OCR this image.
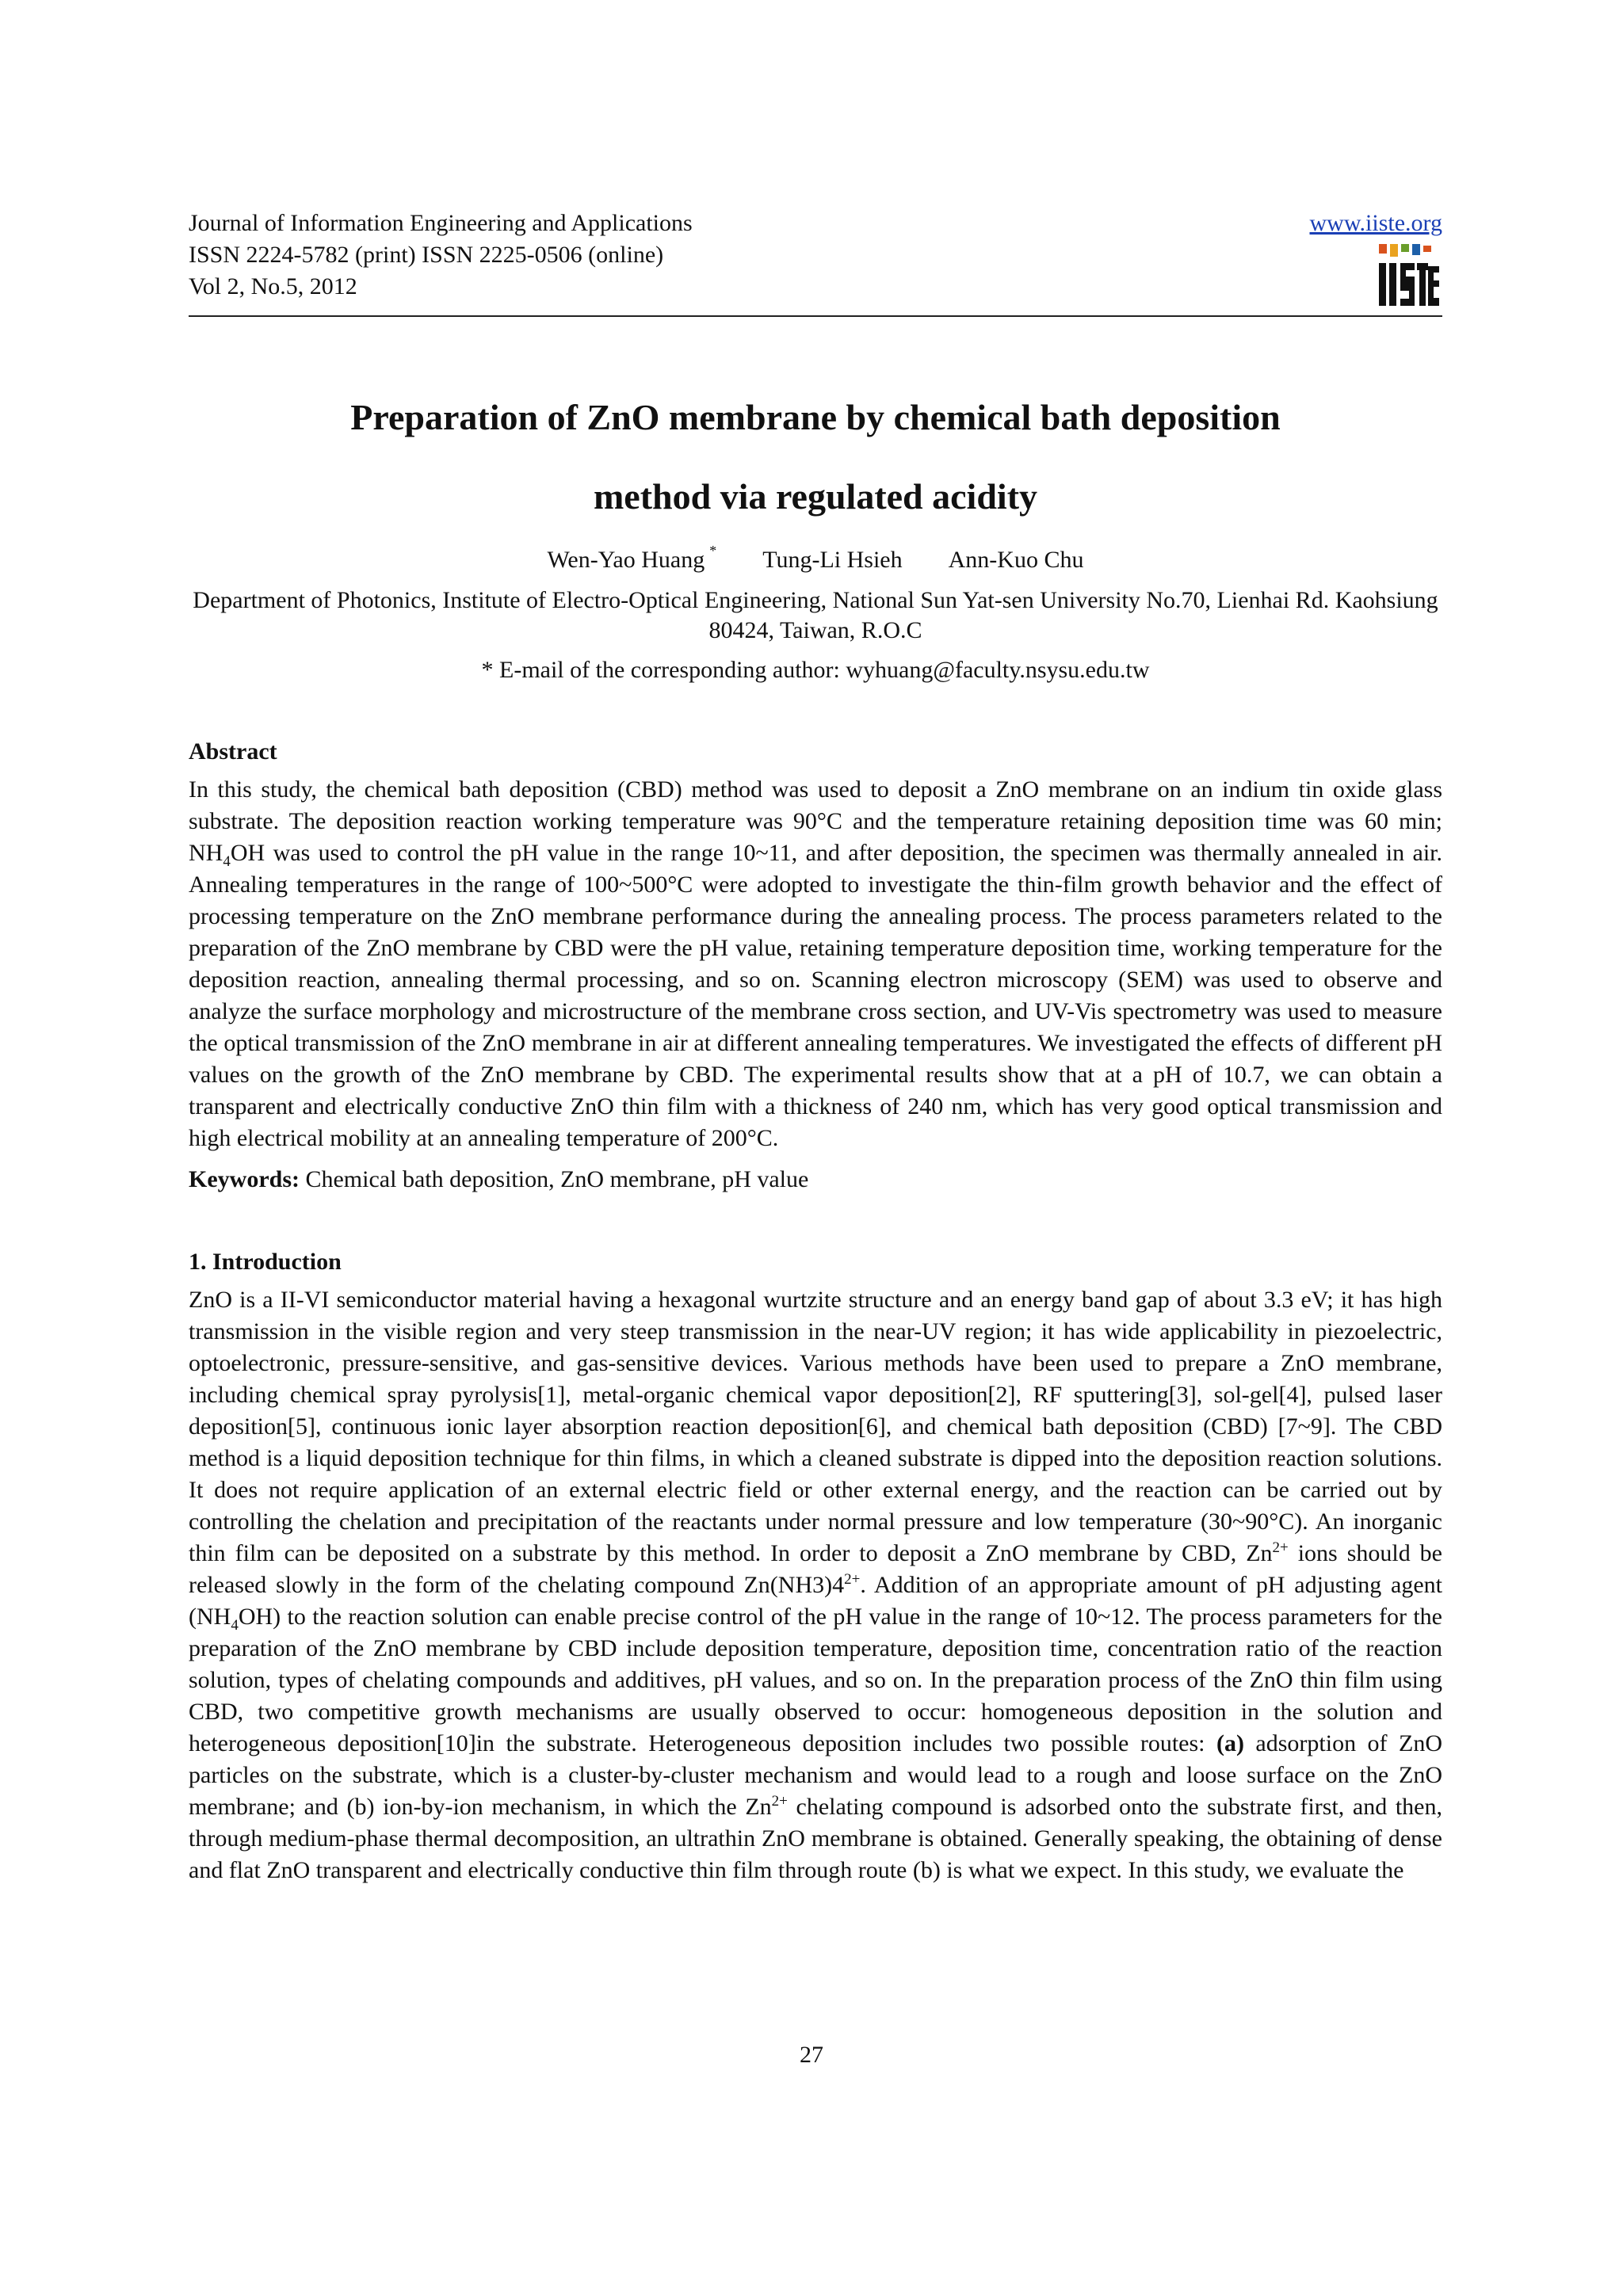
Journal of Information Engineering and Applications
ISSN 2224-5782 (print) ISSN 2225-0506 (online)
Vol 2, No.5, 2012
www.iiste.org
Preparation of ZnO membrane by chemical bath deposition
method via regulated acidity
Wen-Yao Huang * Tung-Li Hsieh Ann-Kuo Chu
Department of Photonics, Institute of Electro-Optical Engineering, National Sun Yat-sen University No.70, Lienhai Rd. Kaohsiung 80424, Taiwan, R.O.C
* E-mail of the corresponding author: wyhuang@faculty.nsysu.edu.tw
Abstract
In this study, the chemical bath deposition (CBD) method was used to deposit a ZnO membrane on an indium tin oxide glass substrate. The deposition reaction working temperature was 90°C and the temperature retaining deposition time was 60 min; $NH_4OH$ was used to control the pH value in the range 10~11, and after deposition, the specimen was thermally annealed in air. Annealing temperatures in the range of 100~500°C were adopted to investigate the thin-film growth behavior and the effect of processing temperature on the ZnO membrane performance during the annealing process. The process parameters related to the preparation of the ZnO membrane by CBD were the pH value, retaining temperature deposition time, working temperature for the deposition reaction, annealing thermal processing, and so on. Scanning electron microscopy (SEM) was used to observe and analyze the surface morphology and microstructure of the membrane cross section, and UV-Vis spectrometry was used to measure the optical transmission of the ZnO membrane in air at different annealing temperatures. We investigated the effects of different pH values on the growth of the ZnO membrane by CBD. The experimental results show that at a pH of 10.7, we can obtain a transparent and electrically conductive ZnO thin film with a thickness of 240 nm, which has very good optical transmission and high electrical mobility at an annealing temperature of 200°C.
Keywords: Chemical bath deposition, ZnO membrane, pH value
1. Introduction
ZnO is a II-VI semiconductor material having a hexagonal wurtzite structure and an energy band gap of about 3.3 eV; it has high transmission in the visible region and very steep transmission in the near-UV region; it has wide applicability in piezoelectric, optoelectronic, pressure-sensitive, and gas-sensitive devices. Various methods have been used to prepare a ZnO membrane, including chemical spray pyrolysis[1], metal-organic chemical vapor deposition[2], RF sputtering[3], sol-gel[4], pulsed laser deposition[5], continuous ionic layer absorption reaction deposition[6], and chemical bath deposition (CBD) [7~9]. The CBD method is a liquid deposition technique for thin films, in which a cleaned substrate is dipped into the deposition reaction solutions. It does not require application of an external electric field or other external energy, and the reaction can be carried out by controlling the chelation and precipitation of the reactants under normal pressure and low temperature (30~90°C). An inorganic thin film can be deposited on a substrate by this method. In order to deposit a ZnO membrane by CBD, $Zn^{2+}$ ions should be released slowly in the form of the chelating compound $Zn(NH3)4^{2+}$. Addition of an appropriate amount of pH adjusting agent $(NH_4OH)$ to the reaction solution can enable precise control of the pH value in the range of 10~12. The process parameters for the preparation of the ZnO membrane by CBD include deposition temperature, deposition time, concentration ratio of the reaction solution, types of chelating compounds and additives, pH values, and so on. In the preparation process of the ZnO thin film using CBD, two competitive growth mechanisms are usually observed to occur: homogeneous deposition in the solution and heterogeneous deposition[10]in the substrate. Heterogeneous deposition includes two possible routes: (a) adsorption of ZnO particles on the substrate, which is a cluster-by-cluster mechanism and would lead to a rough and loose surface on the ZnO membrane; and (b) ion-by-ion mechanism, in which the $Zn^{2+}$ chelating compound is adsorbed onto the substrate first, and then, through medium-phase thermal decomposition, an ultrathin ZnO membrane is obtained. Generally speaking, the obtaining of dense and flat ZnO transparent and electrically conductive thin film through route (b) is what we expect. In this study, we evaluate the
27
